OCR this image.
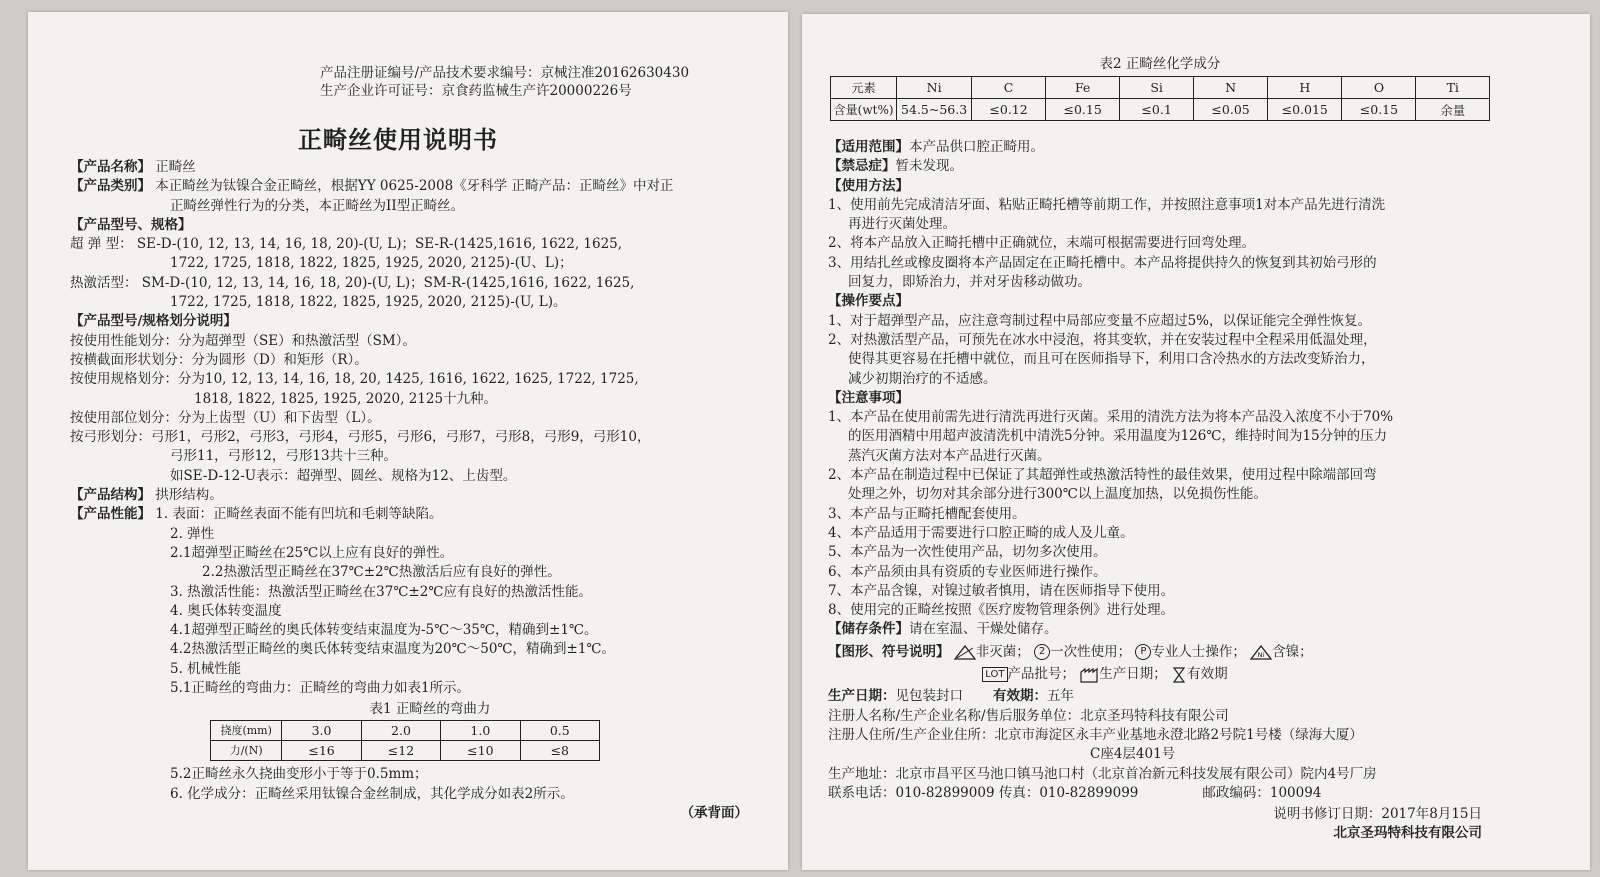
产品注册证编号/产品技术要求编号：京械注准20162630430
生产企业许可证号：京食药监械生产许20000226号
正畸丝使用说明书

【产品名称】 正畸丝

【产品类别】 本正畸丝为钛镍合金正畸丝，根据YY 0625-2008《牙科学 正畸产品：正畸丝》中对正

正畸丝弹性行为的分类，本正畸丝为II型正畸丝。

【产品型号、规格】

超 弹 型： SE-D-(10, 12, 13, 14, 16, 18, 20)-(U, L)；SE-R-(1425,1616, 1622, 1625,

1722, 1725, 1818, 1822, 1825, 1925, 2020, 2125)-(U、L)；

热激活型： SM-D-(10, 12, 13, 14, 16, 18, 20)-(U, L)；SM-R-(1425,1616, 1622, 1625,

1722, 1725, 1818, 1822, 1825, 1925, 2020, 2125)-(U, L)。

【产品型号/规格划分说明】

按使用性能划分：分为超弹型（SE）和热激活型（SM）。

按横截面形状划分：分为圆形（D）和矩形（R）。

按使用规格划分：分为10, 12, 13, 14, 16, 18, 20, 1425, 1616, 1622, 1625, 1722, 1725,

1818, 1822, 1825, 1925, 2020, 2125十九种。

按使用部位划分：分为上齿型（U）和下齿型（L）。

按弓形划分：弓形1，弓形2，弓形3，弓形4，弓形5，弓形6，弓形7，弓形8，弓形9，弓形10，

弓形11，弓形12，弓形13共十三种。

如SE-D-12-U表示：超弹型、圆丝、规格为12、上齿型。

【产品结构】 拱形结构。

【产品性能】 1. 表面：正畸丝表面不能有凹坑和毛刺等缺陷。

2. 弹性

2.1超弹型正畸丝在25℃以上应有良好的弹性。

2.2热激活型正畸丝在37℃±2℃热激活后应有良好的弹性。

3. 热激活性能：热激活型正畸丝在37℃±2℃应有良好的热激活性能。

4. 奥氏体转变温度

4.1超弹型正畸丝的奥氏体转变结束温度为-5℃～35℃，精确到±1℃。

4.2热激活型正畸丝的奥氏体转变结束温度为20℃～50℃，精确到±1℃。

5. 机械性能

5.1正畸丝的弯曲力：正畸丝的弯曲力如表1所示。

表1 正畸丝的弯曲力

挠度(mm)	3.0	2.0	1.0	0.5
力/(N)	≤16	≤12	≤10	≤8

5.2正畸丝永久挠曲变形小于等于0.5mm；

6. 化学成分：正畸丝采用钛镍合金丝制成，其化学成分如表2所示。

（承背面）

表2 正畸丝化学成分

元素	Ni	C	Fe	Si	N	H	O	Ti
含量(wt%)	54.5~56.3	≤0.12	≤0.15	≤0.1	≤0.05	≤0.015	≤0.15	余量

【适用范围】本产品供口腔正畸用。

【禁忌症】暂未发现。

【使用方法】

1、使用前先完成清洁牙面、粘贴正畸托槽等前期工作，并按照注意事项1对本产品先进行清洗

再进行灭菌处理。

2、将本产品放入正畸托槽中正确就位，末端可根据需要进行回弯处理。

3、用结扎丝或橡皮圈将本产品固定在正畸托槽中。本产品将提供持久的恢复到其初始弓形的

回复力，即矫治力，并对牙齿移动做功。

【操作要点】

1、对于超弹型产品，应注意弯制过程中局部应变量不应超过5%，以保证能完全弹性恢复。

2、对热激活型产品，可预先在冰水中浸泡，将其变软，并在安装过程中全程采用低温处理，

使得其更容易在托槽中就位，而且可在医师指导下，利用口含冷热水的方法改变矫治力，

减少初期治疗的不适感。

【注意事项】

1、本产品在使用前需先进行清洗再进行灭菌。采用的清洗方法为将本产品没入浓度不小于70%

的医用酒精中用超声波清洗机中清洗5分钟。采用温度为126℃，维持时间为15分钟的压力

蒸汽灭菌方法对本产品进行灭菌。

2、本产品在制造过程中已保证了其超弹性或热激活特性的最佳效果，使用过程中除端部回弯

处理之外，切勿对其余部分进行300℃以上温度加热，以免损伤性能。

3、本产品与正畸托槽配套使用。

4、本产品适用于需要进行口腔正畸的成人及儿童。

5、本产品为一次性使用产品，切勿多次使用。

6、本产品须由具有资质的专业医师进行操作。

7、本产品含镍，对镍过敏者慎用，请在医师指导下使用。

8、使用完的正畸丝按照《医疗废物管理条例》进行处理。

【储存条件】请在室温、干燥处储存。

【图形、符号说明】 非灭菌； 2 一次性使用； P 专业人士操作； Ni 含镍；

LOT 产品批号； 生产日期； 有效期

生产日期：见包装封口 有效期：五年

注册人名称/生产企业名称/售后服务单位：北京圣玛特科技有限公司

注册人住所/生产企业住所：北京市海淀区永丰产业基地永澄北路2号院1号楼（绿海大厦）

C座4层401号

生产地址：北京市昌平区马池口镇马池口村（北京首冶新元科技发展有限公司）院内4号厂房

联系电话：010-82899009 传真：010-82899099	邮政编码：100094

说明书修订日期：2017年8月15日

北京圣玛特科技有限公司
